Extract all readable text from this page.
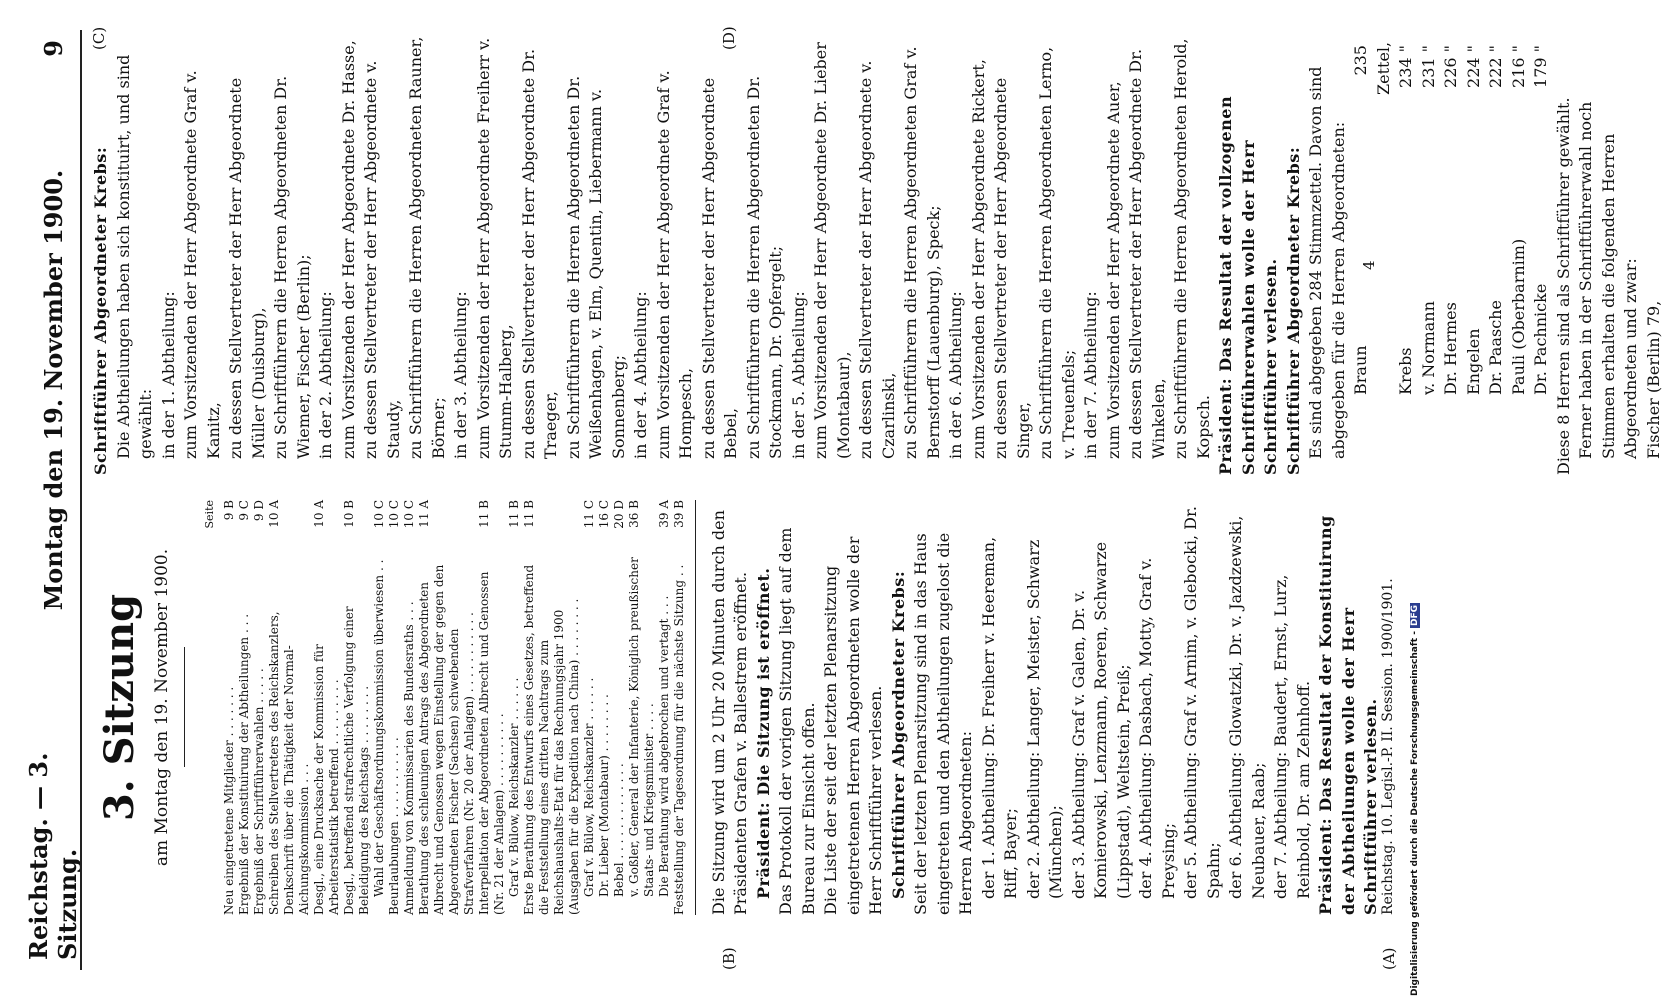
Reichstag. — 3. Sitzung.
Montag den 19. November 1900.
9
(A)
(B)
(C)	(D)
3. Sitzung am Montag den 19. November 1900.
Seite
Neu eingetretene Mitglieder . . . . . . .
9 B
Ergebniß der Konstituirung der Abtheilungen . . .
9 C
Ergebniß der Schriftführerwahlen . . . . .
9 D
Schreiben des Stellvertreters des Reichskanzlers, Denkschrift über die Thätigkeit der Normal-Aichungskommission . . .
10 A
Desgl., eine Drucksache der Kommission für Arbeiterstatistik betreffend . . . . . . . . .
10 A
Desgl., betreffend strafrechtliche Verfolgung einer Beleidigung des Reichstags . . . . . . . .
10 B
Wahl der Geschäftsordnungskommission überwiesen . .
10 C
Beurlaubungen . . . . . . . . . . .
10 C
Anmeldung von Kommissarien des Bundesraths . . .
10 C
Berathung des schleunigen Antrags des Abgeordneten Albrecht und Genossen wegen Einstellung der gegen den Abgeordneten Fischer (Sachsen) schwebenden Strafverfahren (Nr. 20 der Anlagen) . . . . . . . . . . .
11 A
Interpellation der Abgeordneten Albrecht und Genossen (Nr. 21 der Anlagen) . . . . . . . . . .
11 B
Graf v. Bülow, Reichskanzler . . . . . .
11 B
Erste Berathung des Entwurfs eines Gesetzes, betreffend die Feststellung eines dritten Nachtrags zum Reichshaushalts-Etat für das Rechnungsjahr 1900 (Ausgaben für die Expedition nach China) . . . . . . . .
11 B
Graf v. Bülow, Reichskanzler . . . . . .
11 C
Dr. Lieber (Montabaur) . . . . . . . .
16 C
Bebel . . . . . . . . . . . . .
20 D
v. Goßler, General der Infanterie, Königlich preußischer Staats- und Kriegsminister . . . .
36 B
Die Berathung wird abgebrochen und vertagt . . .
39 A
Feststellung der Tagesordnung für die nächste Sitzung . .
39 B Die Sitzung wird um 2 Uhr 20 Minuten durch den Präsidenten Grafen v. Ballestrem eröffnet. Präsident: Die Sitzung ist eröffnet. Das Protokoll der vorigen Sitzung liegt auf dem Bureau zur Einsicht offen. Die Liste der seit der letzten Plenarsitzung eingetretenen Herren Abgeordneten wolle der Herr Schriftführer verlesen. Schriftführer Abgeordneter Krebs: Seit der letzten Plenarsitzung sind in das Haus eingetreten und den Abtheilungen zugelost die Herren Abgeordneten: der 1. Abtheilung: Dr. Freiherr v. Heereman, Riff, Bayer; der 2. Abtheilung: Langer, Meister, Schwarz (München); der 3. Abtheilung: Graf v. Galen, Dr. v. Komierowski, Lenzmann, Roeren, Schwarze (Lippstadt), Weltstein, Preiß; der 4. Abtheilung: Dasbach, Motty, Graf v. Preysing; der 5. Abtheilung: Graf v. Arnim, v. Glebocki, Dr. Spahn; der 6. Abtheilung: Glowatzki, Dr. v. Jazdzewski, Neubauer, Raab; der 7. Abtheilung: Baudert, Ernst, Lurz, Reinbold, Dr. am Zehnhoff. Präsident: Das Resultat der Konstituirung der Abtheilungen wolle der Herr Schriftführer verlesen. Reichstag. 10. Legisl.-P. II. Session. 1900/1901.

Schriftführer Abgeordneter Krebs: Die Abtheilungen haben sich konstituirt, und sind gewählt: in der 1. Abtheilung: zum Vorsitzenden der Herr Abgeordnete Graf v. Kanitz, zu dessen Stellvertreter der Herr Abgeordnete Müller (Duisburg), zu Schriftführern die Herren Abgeordneten Dr. Wiemer, Fischer (Berlin); in der 2. Abtheilung: zum Vorsitzenden der Herr Abgeordnete Dr. Hasse, zu dessen Stellvertreter der Herr Abgeordnete v. Staudy, zu Schriftführern die Herren Abgeordneten Rauner, Börner; in der 3. Abtheilung: zum Vorsitzenden der Herr Abgeordnete Freiherr v. Stumm-Halberg, zu dessen Stellvertreter der Herr Abgeordnete Dr. Traeger, zu Schriftführern die Herren Abgeordneten Dr. Weißenhagen, v. Elm, Quentin, Liebermann v. Sonnenberg; in der 4. Abtheilung: zum Vorsitzenden der Herr Abgeordnete Graf v. Hompesch, zu dessen Stellvertreter der Herr Abgeordnete Bebel, zu Schriftführern die Herren Abgeordneten Dr. Stockmann, Dr. Opfergelt; in der 5. Abtheilung: zum Vorsitzenden der Herr Abgeordnete Dr. Lieber (Montabaur), zu dessen Stellvertreter der Herr Abgeordnete v. Czarlinski, zu Schriftführern die Herren Abgeordneten Graf v. Bernstorff (Lauenburg), Speck; in der 6. Abtheilung: zum Vorsitzenden der Herr Abgeordnete Rickert, zu dessen Stellvertreter der Herr Abgeordnete Singer, zu Schriftführern die Herren Abgeordneten Lerno, v. Treuenfels; in der 7. Abtheilung: zum Vorsitzenden der Herr Abgeordnete Auer, zu dessen Stellvertreter der Herr Abgeordnete Dr. Winkelen, zu Schriftführern die Herren Abgeordneten Herold, Kopsch. Präsident: Das Resultat der vollzogenen Schriftführerwahlen wolle der Herr Schriftführer verlesen. Schriftführer Abgeordneter Krebs: Es sind abgegeben 284 Stimmzettel. Davon sind abgegeben für die Herren Abgeordneten: Braun
235 Zettel,
Krebs
234 "
v. Normann
231 "
Dr. Hermes
226 "
Engelen
224 "
Dr. Paasche
222 "
Pauli (Oberbarnim)
216 "
Dr. Pachnicke
179 "

Diese 8 Herren sind als Schriftführer gewählt. Ferner haben in der Schriftführerwahl noch Stimmen erhalten die folgenden Herren Abgeordneten und zwar: Fischer (Berlin) 79,

4
Digitalisierung gefördert durch die Deutsche Forschungsgemeinschaft - DFG
